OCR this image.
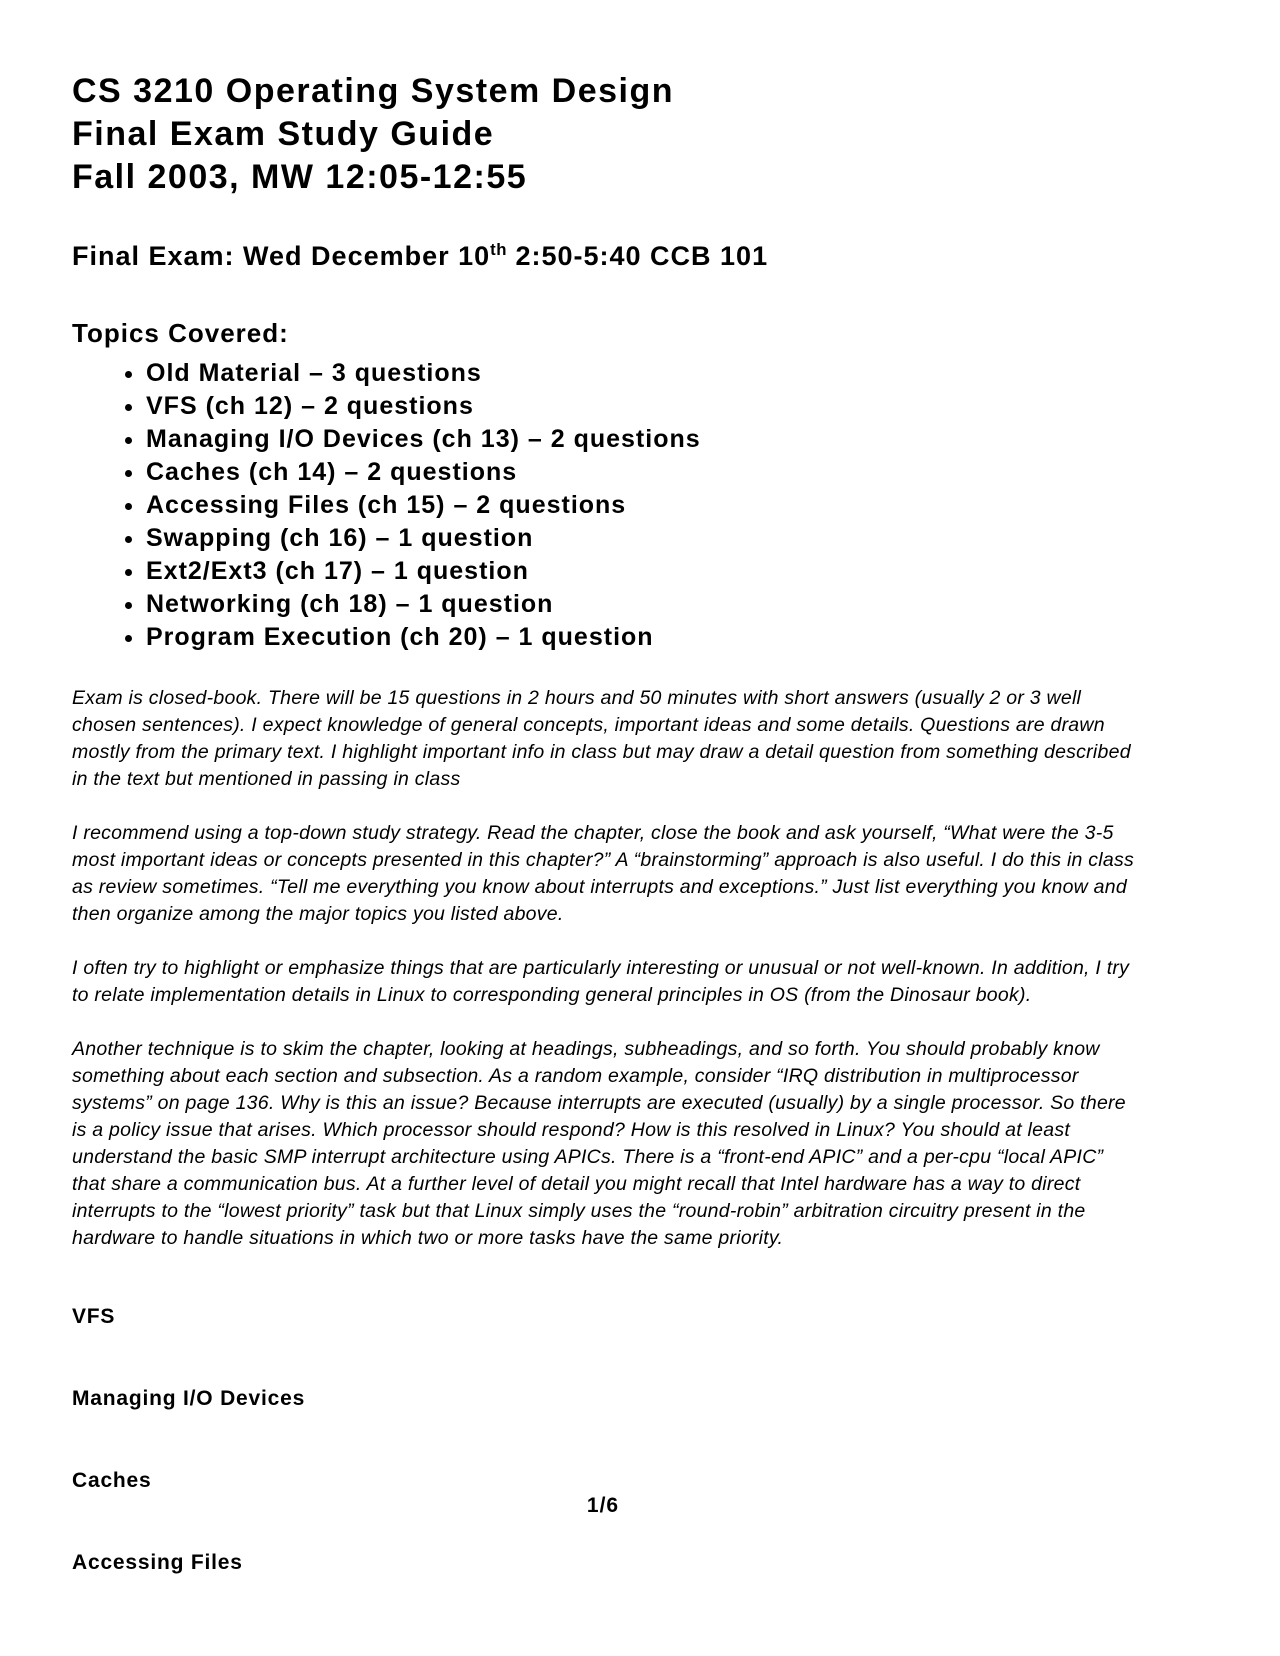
CS 3210 Operating System Design
Final Exam Study Guide
Fall 2003, MW 12:05-12:55
Final Exam: Wed December 10th 2:50-5:40 CCB 101
Topics Covered:
• Old Material – 3 questions
• VFS (ch 12) – 2 questions
• Managing I/O Devices (ch 13) – 2 questions
• Caches (ch 14) – 2 questions
• Accessing Files (ch 15) – 2 questions
• Swapping (ch 16) – 1 question
• Ext2/Ext3 (ch 17) – 1 question
• Networking (ch 18) – 1 question
• Program Execution (ch 20) – 1 question

Exam is closed-book. There will be 15 questions in 2 hours and 50 minutes with short answers (usually 2 or 3 well chosen sentences). I expect knowledge of general concepts, important ideas and some details. Questions are drawn mostly from the primary text. I highlight important info in class but may draw a detail question from something described in the text but mentioned in passing in class

I recommend using a top-down study strategy. Read the chapter, close the book and ask yourself, “What were the 3-5 most important ideas or concepts presented in this chapter?” A “brainstorming” approach is also useful. I do this in class as review sometimes. “Tell me everything you know about interrupts and exceptions.” Just list everything you know and then organize among the major topics you listed above.

I often try to highlight or emphasize things that are particularly interesting or unusual or not well-known. In addition, I try to relate implementation details in Linux to corresponding general principles in OS (from the Dinosaur book).

Another technique is to skim the chapter, looking at headings, subheadings, and so forth. You should probably know something about each section and subsection. As a random example, consider “IRQ distribution in multiprocessor systems” on page 136. Why is this an issue? Because interrupts are executed (usually) by a single processor. So there is a policy issue that arises. Which processor should respond? How is this resolved in Linux? You should at least understand the basic SMP interrupt architecture using APICs. There is a “front-end APIC” and a per-cpu “local APIC” that share a communication bus. At a further level of detail you might recall that Intel hardware has a way to direct interrupts to the “lowest priority” task but that Linux simply uses the “round-robin” arbitration circuitry present in the hardware to handle situations in which two or more tasks have the same priority.

VFS
Managing I/O Devices
Caches
Accessing Files
1/6
